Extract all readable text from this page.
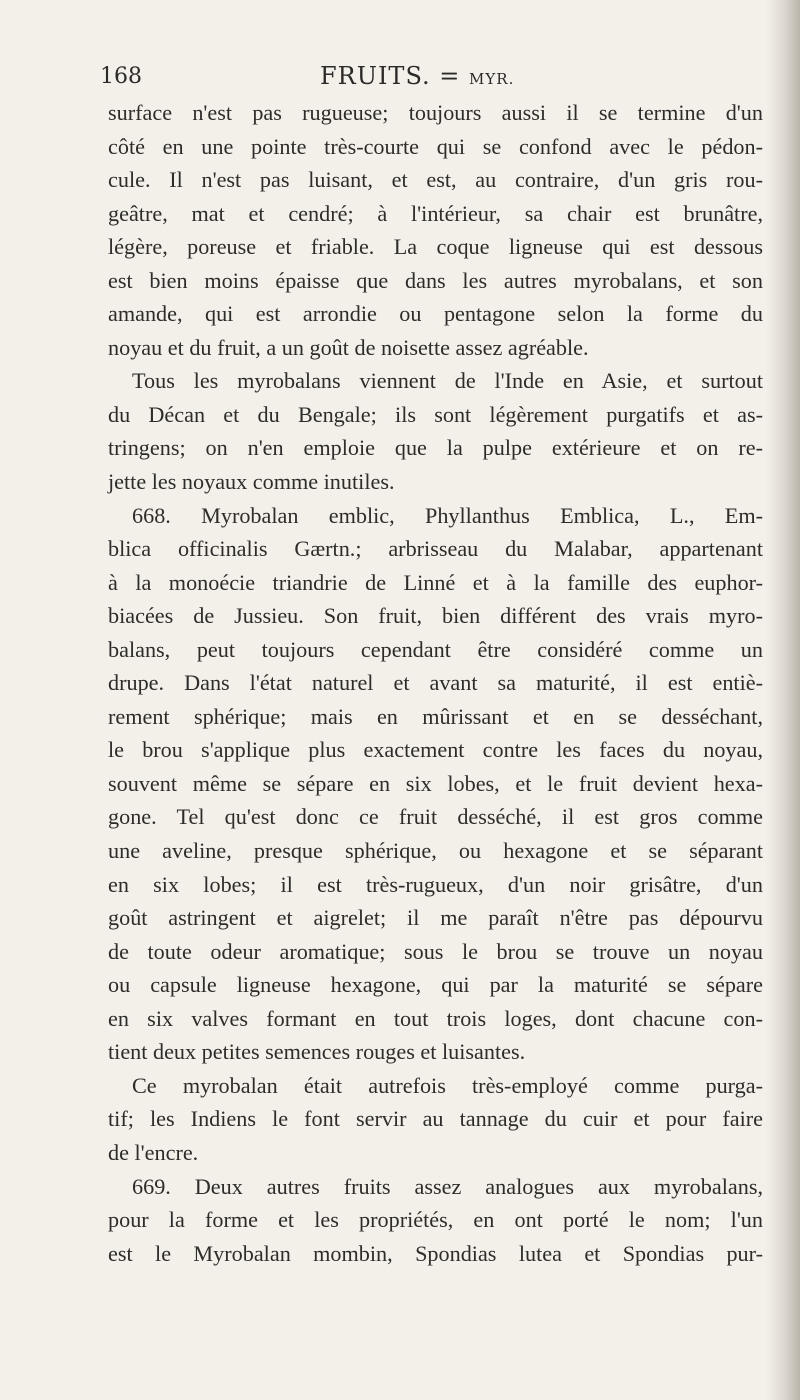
168	FRUITS. = MYR.
surface n'est pas rugueuse; toujours aussi il se termine d'un
côté en une pointe très-courte qui se confond avec le pédon-
cule. Il n'est pas luisant, et est, au contraire, d'un gris rou-
geâtre, mat et cendré; à l'intérieur, sa chair est brunâtre,
légère, poreuse et friable. La coque ligneuse qui est dessous
est bien moins épaisse que dans les autres myrobalans, et son
amande, qui est arrondie ou pentagone selon la forme du
noyau et du fruit, a un goût de noisette assez agréable.
Tous les myrobalans viennent de l'Inde en Asie, et surtout
du Décan et du Bengale; ils sont légèrement purgatifs et as-
tringens; on n'en emploie que la pulpe extérieure et on re-
jette les noyaux comme inutiles.
668. Myrobalan emblic, Phyllanthus Emblica, L., Em-
blica officinalis Gærtn.; arbrisseau du Malabar, appartenant
à la monoécie triandrie de Linné et à la famille des euphor-
biacées de Jussieu. Son fruit, bien différent des vrais myro-
balans, peut toujours cependant être considéré comme un
drupe. Dans l'état naturel et avant sa maturité, il est entiè-
rement sphérique; mais en mûrissant et en se desséchant,
le brou s'applique plus exactement contre les faces du noyau,
souvent même se sépare en six lobes, et le fruit devient hexa-
gone. Tel qu'est donc ce fruit desséché, il est gros comme
une aveline, presque sphérique, ou hexagone et se séparant
en six lobes; il est très-rugueux, d'un noir grisâtre, d'un
goût astringent et aigrelet; il me paraît n'être pas dépourvu
de toute odeur aromatique; sous le brou se trouve un noyau
ou capsule ligneuse hexagone, qui par la maturité se sépare
en six valves formant en tout trois loges, dont chacune con-
tient deux petites semences rouges et luisantes.
Ce myrobalan était autrefois très-employé comme purga-
tif; les Indiens le font servir au tannage du cuir et pour faire
de l'encre.
669. Deux autres fruits assez analogues aux myrobalans,
pour la forme et les propriétés, en ont porté le nom; l'un
est le Myrobalan mombin, Spondias lutea et Spondias pur-
